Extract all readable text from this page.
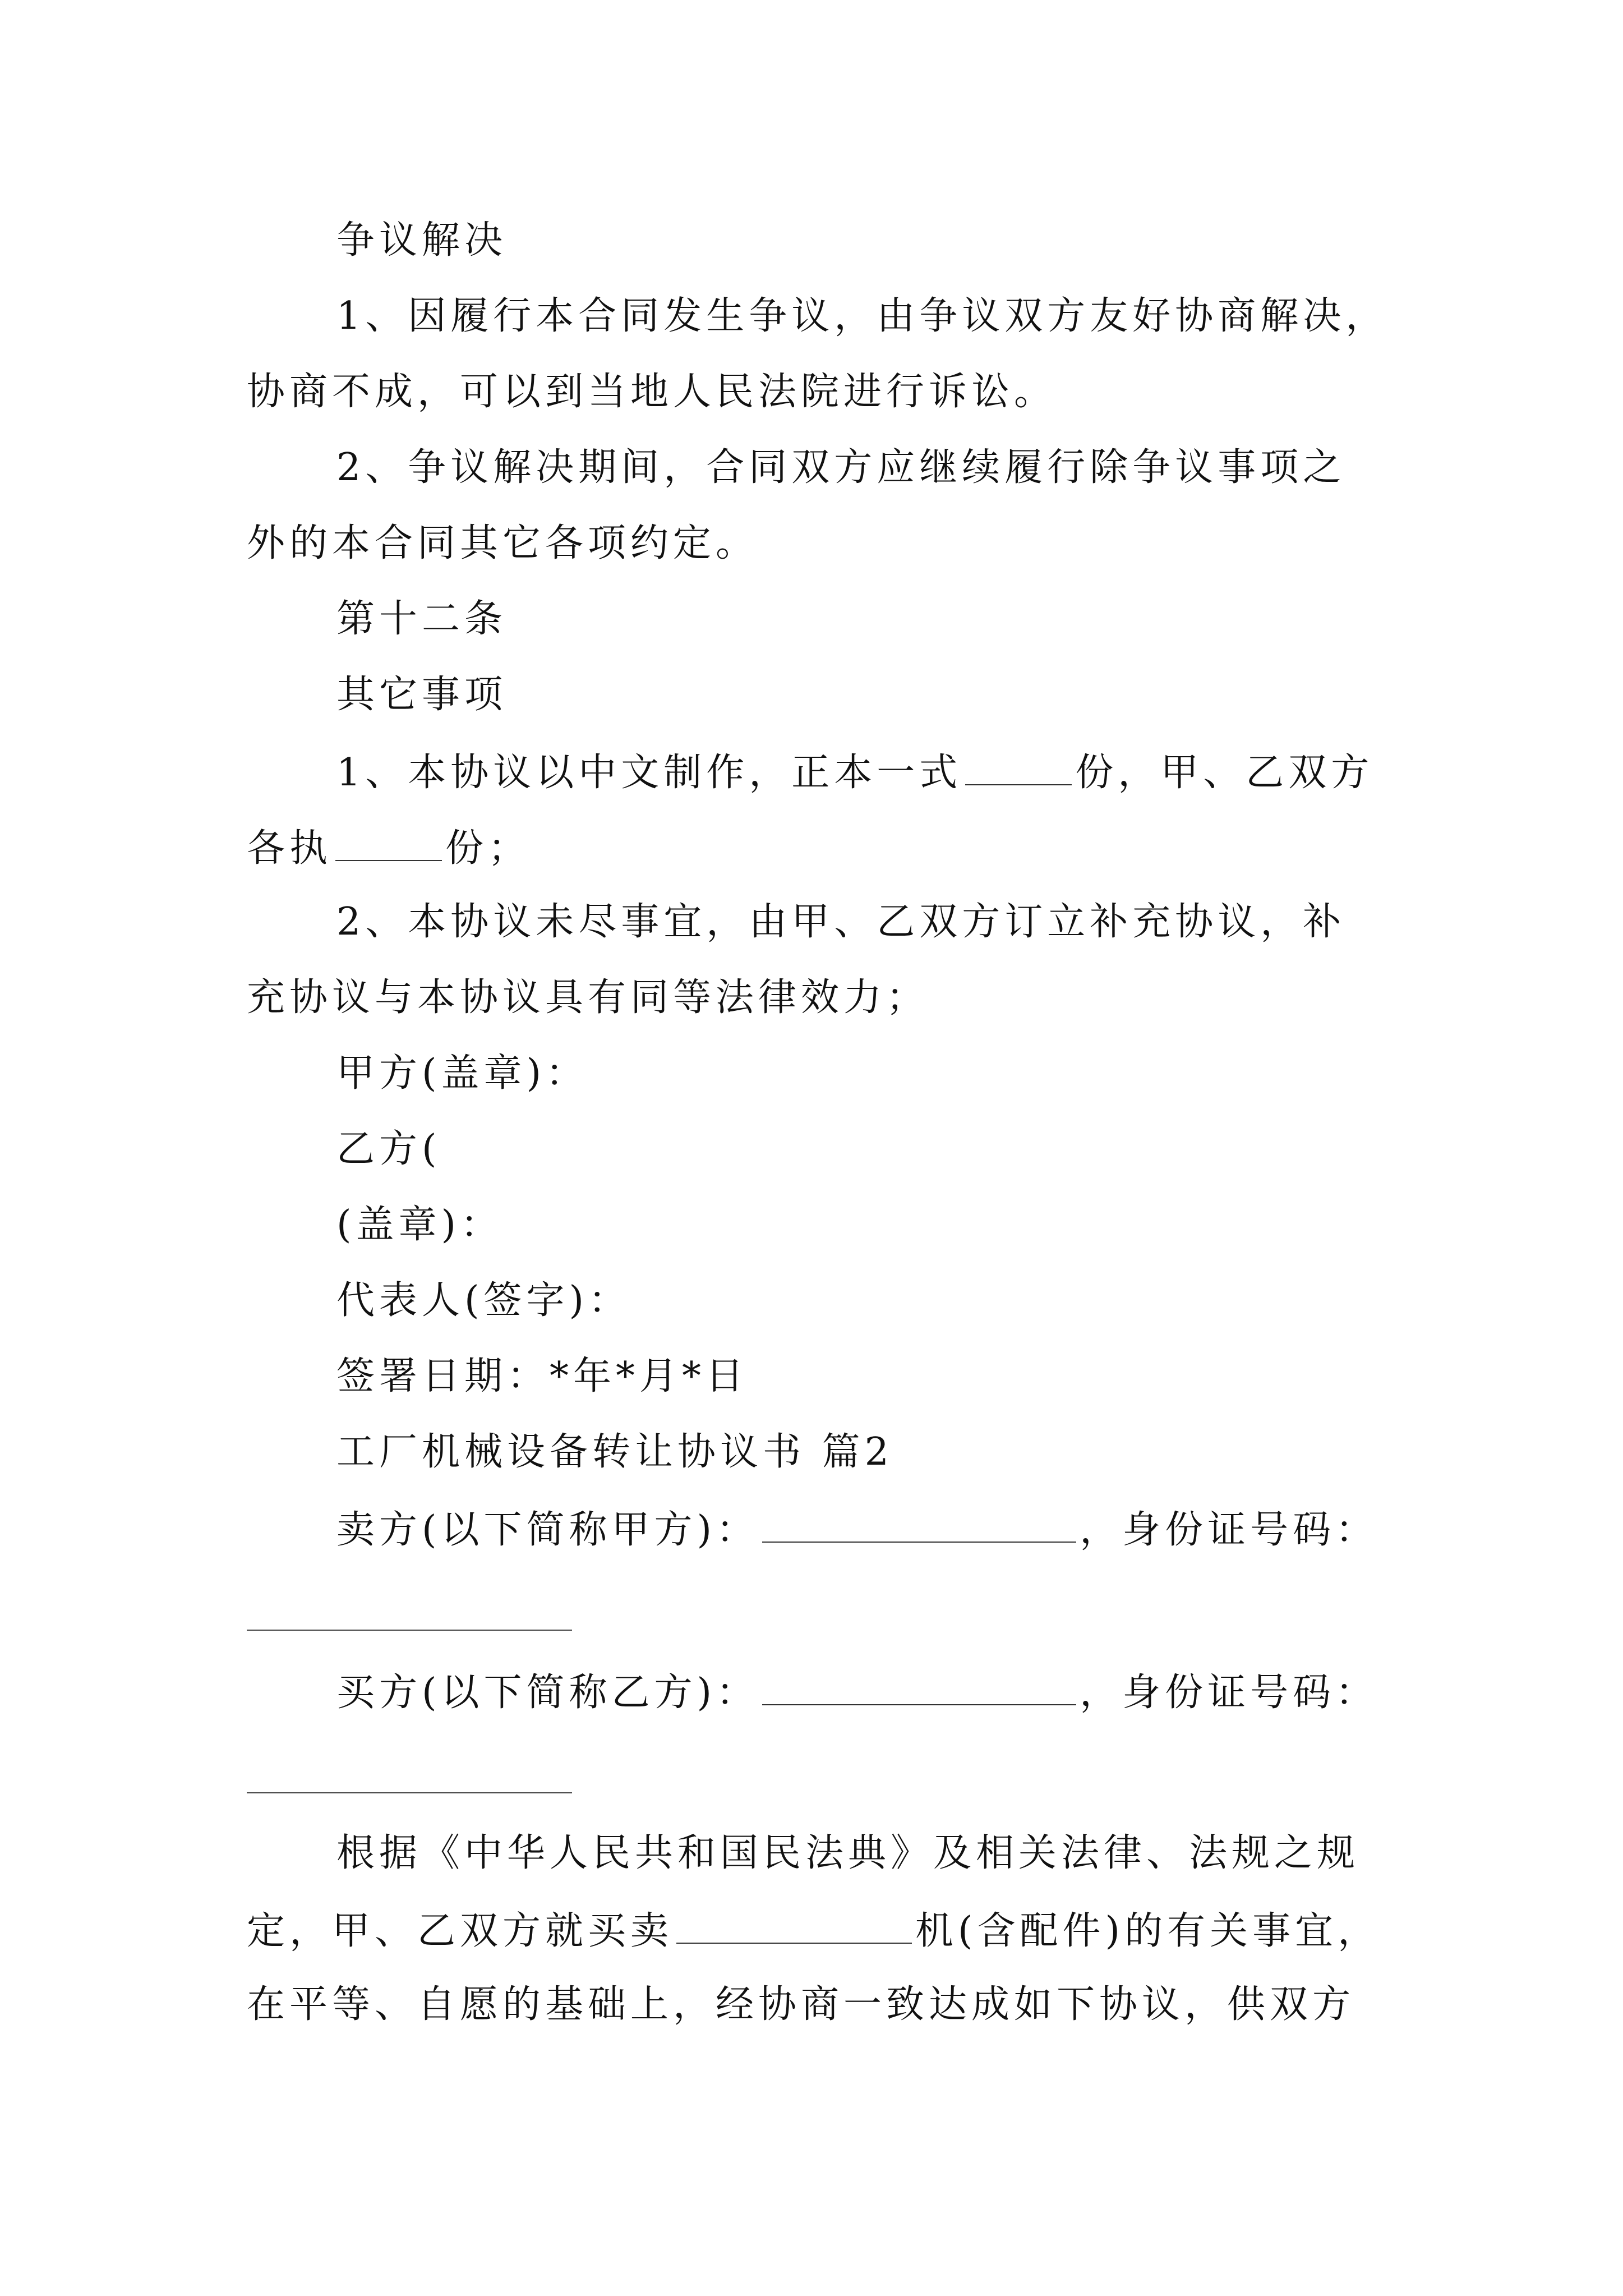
争议解决
1、因履行本合同发生争议，由争议双方友好协商解决，
协商不成，可以到当地人民法院进行诉讼。
2、争议解决期间，合同双方应继续履行除争议事项之
外的本合同其它各项约定。
第十二条
其它事项
1、本协议以中文制作，正本一式	份，甲、乙双方
各执	份；
2、本协议未尽事宜，由甲、乙双方订立补充协议，补
充协议与本协议具有同等法律效力；
甲方(盖章)：
乙方(
(盖章)：
代表人(签字)：
签署日期：*年*月*日
工厂机械设备转让协议书 篇2
卖方(以下简称甲方)：	，身份证号码：
买方(以下简称乙方)：	，身份证号码：
根据《中华人民共和国民法典》及相关法律、法规之规
定，甲、乙双方就买卖	机(含配件)的有关事宜，
在平等、自愿的基础上，经协商一致达成如下协议，供双方
